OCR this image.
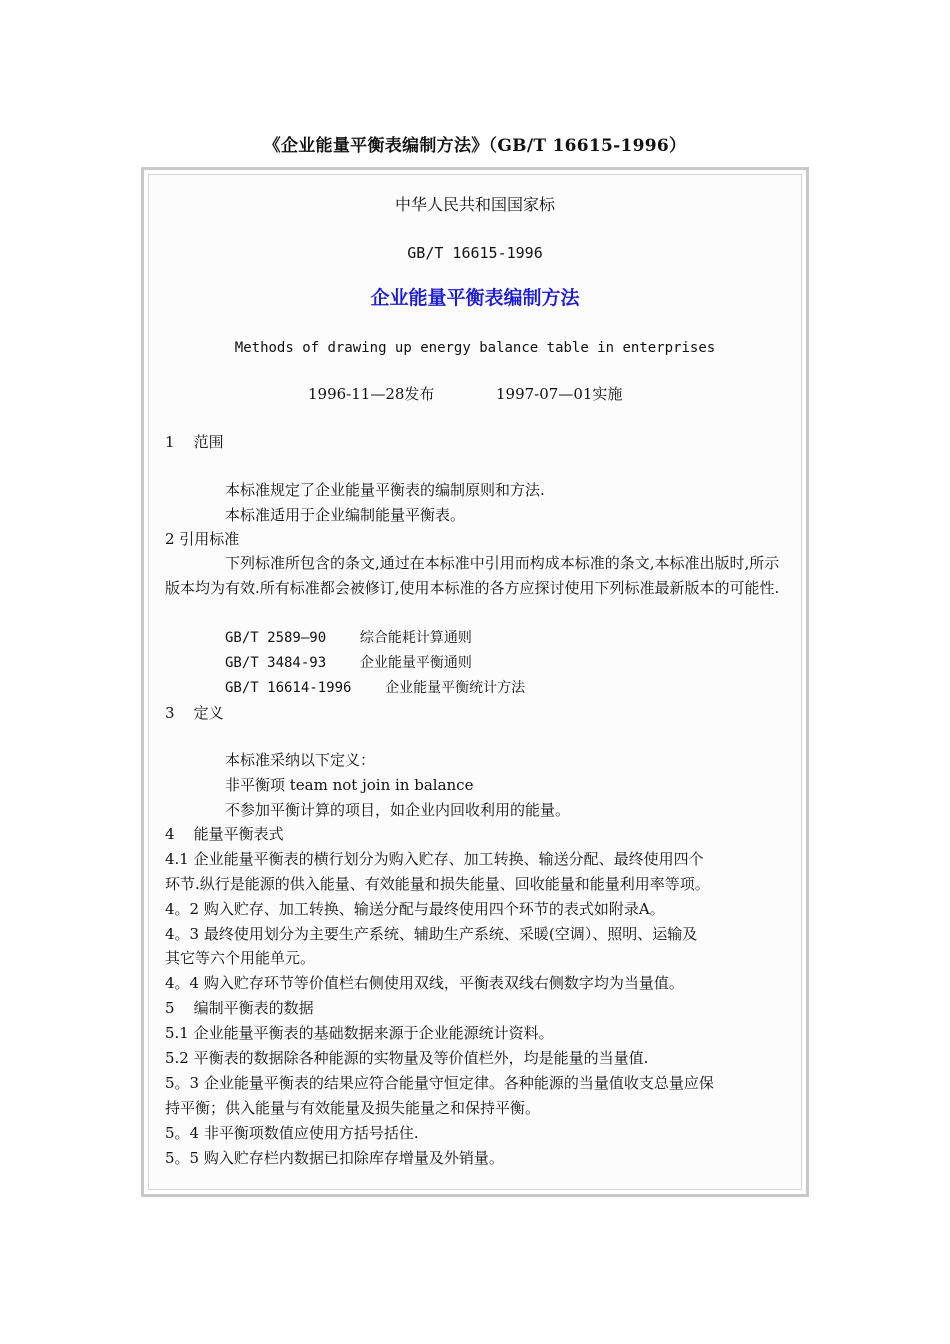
《企业能量平衡表编制方法》（GB/T 16615-1996）
中华人民共和国国家标
GB/T 16615-1996
企业能量平衡表编制方法
Methods of drawing up energy balance table in enterprises
1996-11—28发布	1997-07—01实施
1    范围
本标准规定了企业能量平衡表的编制原则和方法.
本标准适用于企业编制能量平衡表。
2 引用标准
下列标准所包含的条文,通过在本标准中引用而构成本标准的条文,本标准出版时,所示版本均为有效.所有标准都会被修订,使用本标准的各方应探讨使用下列标准最新版本的可能性.
GB/T 2589—90    综合能耗计算通则
GB/T 3484-93    企业能量平衡通则
GB/T 16614-1996    企业能量平衡统计方法
3    定义
本标准采纳以下定义：
非平衡项 team not join in balance
不参加平衡计算的项目，如企业内回收利用的能量。
4    能量平衡表式
4.1 企业能量平衡表的横行划分为购入贮存、加工转换、输送分配、最终使用四个
环节.纵行是能源的供入能量、有效能量和损失能量、回收能量和能量利用率等项。
4。2 购入贮存、加工转换、输送分配与最终使用四个环节的表式如附录A。
4。3 最终使用划分为主要生产系统、辅助生产系统、采暖(空调）、照明、运输及
其它等六个用能单元。
4。4 购入贮存环节等价值栏右侧使用双线，平衡表双线右侧数字均为当量值。
5    编制平衡表的数据
5.1 企业能量平衡表的基础数据来源于企业能源统计资料。
5.2 平衡表的数据除各种能源的实物量及等价值栏外，均是能量的当量值.
5。3 企业能量平衡表的结果应符合能量守恒定律。各种能源的当量值收支总量应保
持平衡；供入能量与有效能量及损失能量之和保持平衡。
5。4 非平衡项数值应使用方括号括住.
5。5 购入贮存栏内数据已扣除库存增量及外销量。
